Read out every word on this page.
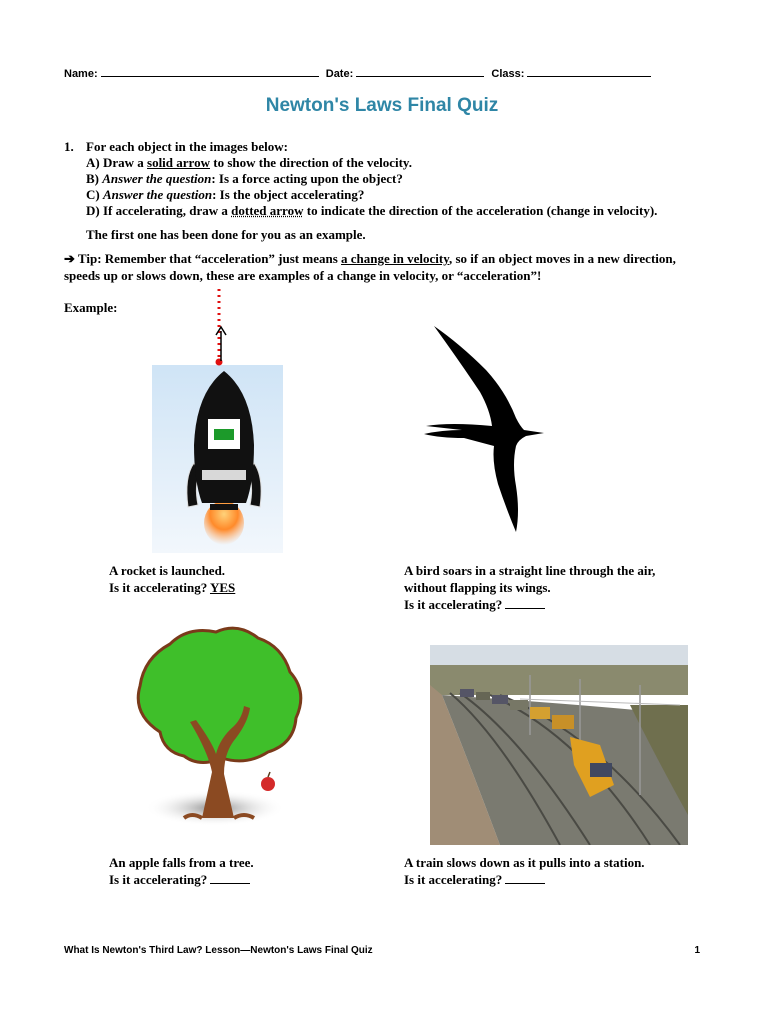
Name:	Date:	Class:
Newton's Laws Final Quiz
1. For each object in the images below:
A) Draw a solid arrow to show the direction of the velocity.
B) Answer the question: Is a force acting upon the object?
C) Answer the question: Is the object accelerating?
D) If accelerating, draw a dotted arrow to indicate the direction of the acceleration (change in velocity).
The first one has been done for you as an example.
➔ Tip: Remember that “acceleration” just means a change in velocity, so if an object moves in a new direction, speeds up or slows down, these are examples of a change in velocity, or “acceleration”!
Example:
A rocket is launched.
Is it accelerating? YES
A bird soars in a straight line through the air,
without flapping its wings.
Is it accelerating?
An apple falls from a tree.
Is it accelerating?
A train slows down as it pulls into a station.
Is it accelerating?
What Is Newton's Third Law? Lesson—Newton's Laws Final Quiz	1
